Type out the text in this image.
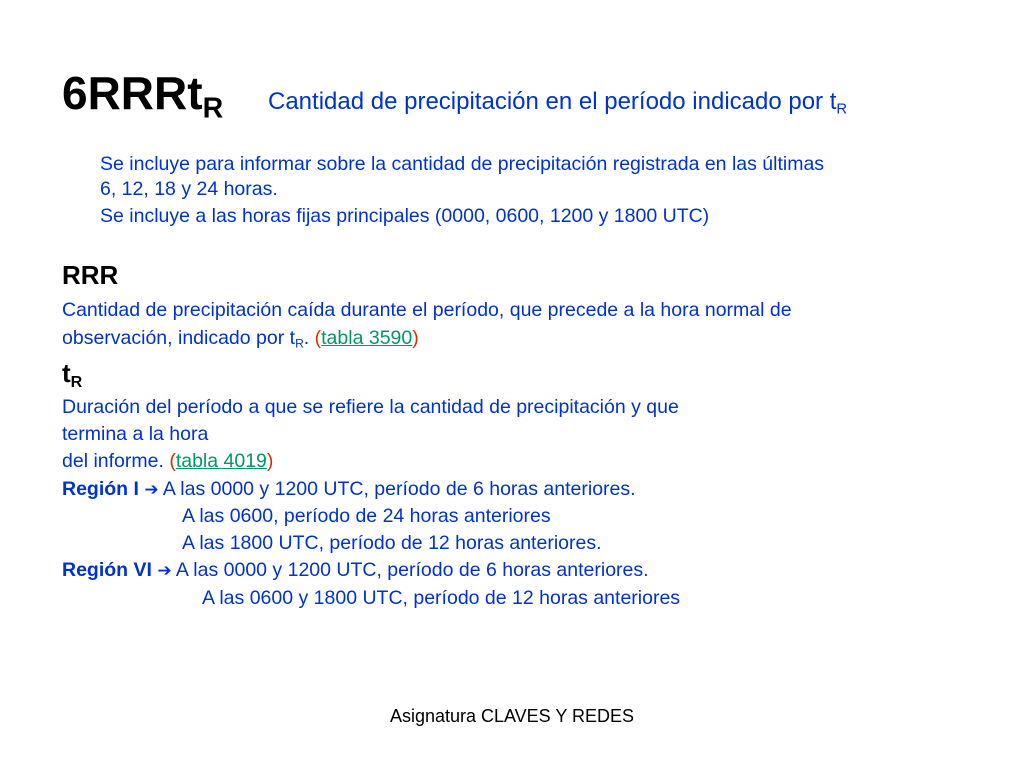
6RRRt$_R$ Cantidad de precipitación en el período indicado por $t_R$
Se incluye para informar sobre la cantidad de precipitación registrada en las últimas
6, 12, 18 y 24 horas.
Se incluye a las horas fijas principales (0000, 0600, 1200 y 1800 UTC)
RRR
Cantidad de precipitación caída durante el período, que precede a la hora normal de
observación, indicado por $t_R$. (tabla 3590)
$t_R$
Duración del período a que se refiere la cantidad de precipitación y que
termina a la hora
del informe. (tabla 4019)
Región I ➔ A las 0000 y 1200 UTC, período de 6 horas anteriores.
A las 0600, período de 24 horas anteriores
A las 1800 UTC, período de 12 horas anteriores.
Región VI ➔ A las 0000 y 1200 UTC, período de 6 horas anteriores.
A las 0600 y 1800 UTC, período de 12 horas anteriores
Asignatura CLAVES Y REDES
